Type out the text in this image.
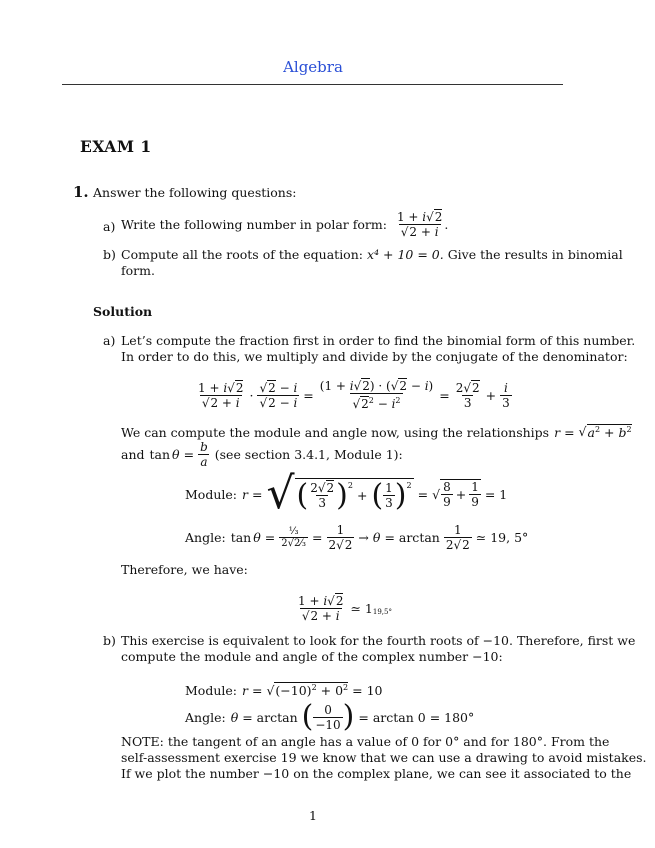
Algebra
EXAM 1
1. Answer the following questions:
a) Write the following number in polar form: $\frac{1 + i√2}{√2 + i}$ .
b) Compute all the roots of the equation: x⁴ + 10 = 0. Give the results in binomial
form.
Solution
a) Let’s compute the fraction first in order to find the binomial form of this number.
In order to do this, we multiply and divide by the conjugate of the denominator:
$\frac{1 + i√2}{√2 + i} \cdot \frac{√2 - i}{√2 - i} = \frac{(1 + i√2) \cdot (√2 - i)}{√2^2 - i^2} = \frac{2√2}{3} + \frac{i}{3}$
We can compute the module and angle now, using the relationships $r = √a^2 + b^2$
and $\tan \theta = \frac{b}{a} (see$ section 3.4.1, Module 1):
Module: r = √ ( $\frac{2√2}{3} )^2$
+ ( $\frac{1}{3} )^2$
= √ $\frac{8}{9} + \frac{1}{9} = 1$
Angle: $\tan \theta = \frac{\text{¹⁄₃}}{\text{2√2⁄₃}} = \frac{1}{2√2} \to \theta = \arctan \frac{1}{2√2}$ ≃ 19, 5°
Therefore, we have:
$\frac{1 + i√2}{√2 + i}$ ≃ $1_{19,5^\circ}$
b) This exercise is equivalent to look for the fourth roots of −10. Therefore, first we
compute the module and angle of the complex number −10:
Module: r = √ $(-10)^2 + 0^2 = 10$
Angle: θ = arctan ( $\frac{0}{-10}$ ) = arctan 0 = 180°
NOTE: the tangent of an angle has a value of 0 for 0° and for 180°. From the
self-assessment exercise 19 we know that we can use a drawing to avoid mistakes.
If we plot the number −10 on the complex plane, we can see it associated to the
1
